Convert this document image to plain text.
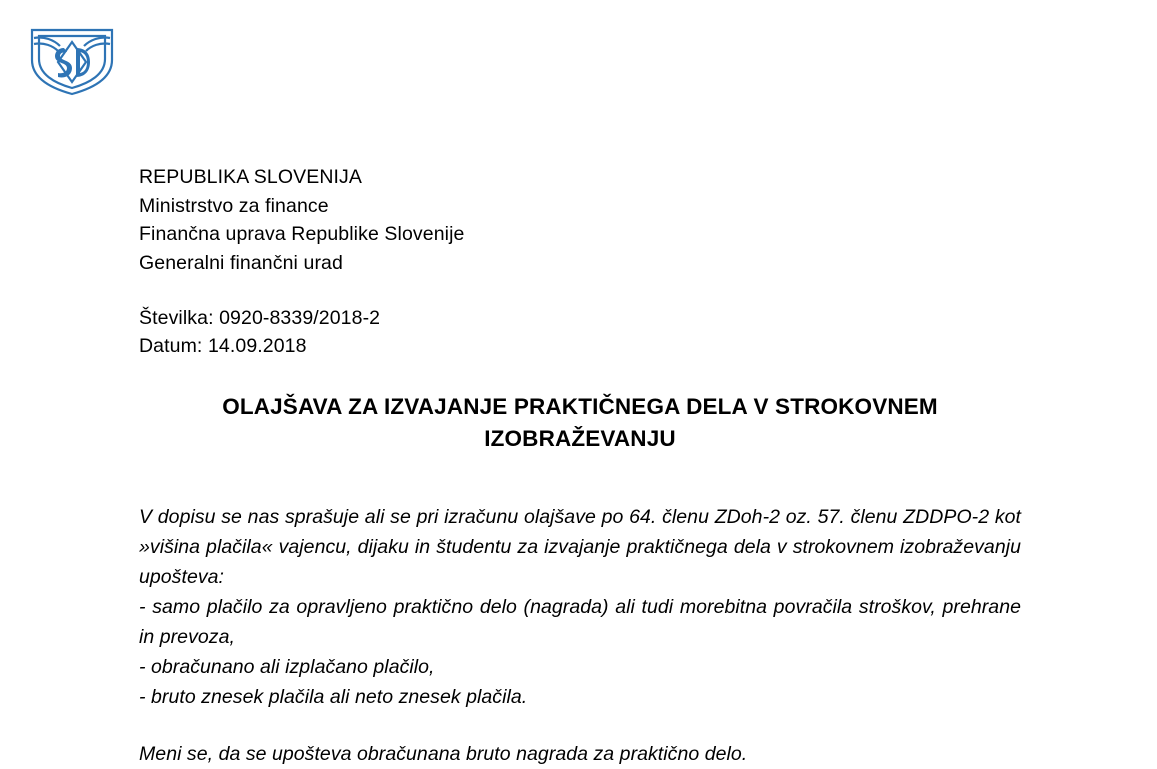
REPUBLIKA SLOVENIJA
Ministrstvo za finance
Finančna uprava Republike Slovenije
Generalni finančni urad
Številka: 0920-8339/2018-2
Datum: 14.09.2018
OLAJŠAVA ZA IZVAJANJE PRAKTIČNEGA DELA V STROKOVNEM IZOBRAŽEVANJU
V dopisu se nas sprašuje ali se pri izračunu olajšave po 64. členu ZDoh-2 oz. 57. členu ZDDPO-2 kot »višina plačila« vajencu, dijaku in študentu za izvajanje praktičnega dela v strokovnem izobraževanju upošteva:
- samo plačilo za opravljeno praktično delo (nagrada) ali tudi morebitna povračila stroškov, prehrane in prevoza,
- obračunano ali izplačano plačilo,
- bruto znesek plačila ali neto znesek plačila.
Meni se, da se upošteva obračunana bruto nagrada za praktično delo.
